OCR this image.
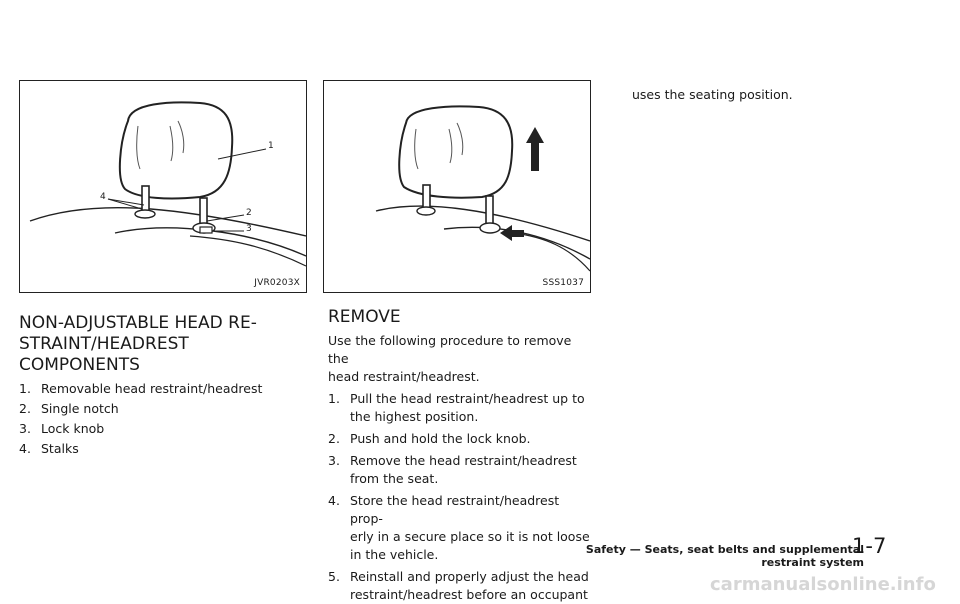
1
2
3
4
JVR0203X	SSS1037
NON-ADJUSTABLE HEAD RE-
STRAINT/HEADREST COMPONENTS
1. Removable head restraint/headrest
2. Single notch
3. Lock knob
4. Stalks
REMOVE

Use the following procedure to remove the
head restraint/headrest.

1. Pull the head restraint/headrest up to
the highest position.
2. Push and hold the lock knob.
3. Remove the head restraint/headrest
from the seat.
4. Store the head restraint/headrest prop-
erly in a secure place so it is not loose
in the vehicle.
5. Reinstall and properly adjust the head
restraint/headrest before an occupant
uses the seating position.
Safety — Seats, seat belts and supplemental restraint system
1-7
carmanualsonline.info
